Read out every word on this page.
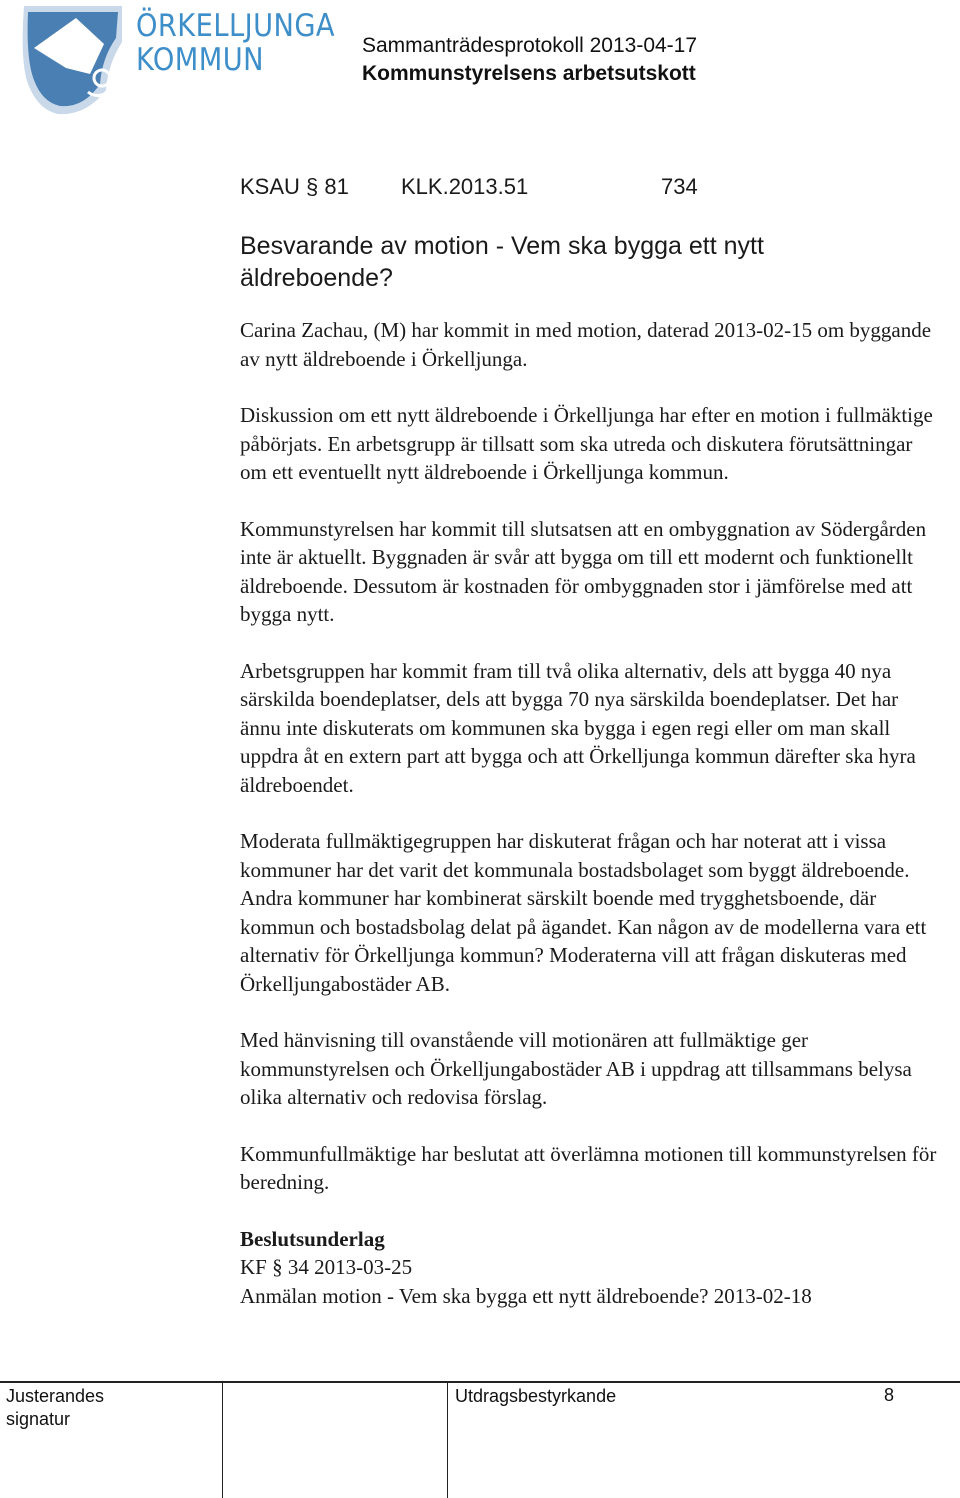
ÖRKELLJUNGA
KOMMUN	Sammanträdesprotokoll 2013-04-17
Kommunstyrelsens arbetsutskott
KSAU § 81 KLK.2013.51	734
Besvarande av motion - Vem ska bygga ett nytt äldreboende?

Carina Zachau, (M) har kommit in med motion, daterad 2013-02-15 om byggande av nytt äldreboende i Örkelljunga.

Diskussion om ett nytt äldreboende i Örkelljunga har efter en motion i fullmäktige påbörjats. En arbetsgrupp är tillsatt som ska utreda och diskutera förutsättningar om ett eventuellt nytt äldreboende i Örkelljunga kommun.

Kommunstyrelsen har kommit till slutsatsen att en ombyggnation av Södergården inte är aktuellt. Byggnaden är svår att bygga om till ett modernt och funktionellt äldreboende. Dessutom är kostnaden för ombyggnaden stor i jämförelse med att bygga nytt.

Arbetsgruppen har kommit fram till två olika alternativ, dels att bygga 40 nya särskilda boendeplatser, dels att bygga 70 nya särskilda boendeplatser. Det har ännu inte diskuterats om kommunen ska bygga i egen regi eller om man skall uppdra åt en extern part att bygga och att Örkelljunga kommun därefter ska hyra äldreboendet.

Moderata fullmäktigegruppen har diskuterat frågan och har noterat att i vissa kommuner har det varit det kommunala bostadsbolaget som byggt äldreboende. Andra kommuner har kombinerat särskilt boende med trygghetsboende, där kommun och bostadsbolag delat på ägandet. Kan någon av de modellerna vara ett alternativ för Örkelljunga kommun? Moderaterna vill att frågan diskuteras med Örkelljungabostäder AB.

Med hänvisning till ovanstående vill motionären att fullmäktige ger kommunstyrelsen och Örkelljungabostäder AB i uppdrag att tillsammans belysa olika alternativ och redovisa förslag.

Kommunfullmäktige har beslutat att överlämna motionen till kommunstyrelsen för beredning.

Beslutsunderlag
KF § 34 2013-03-25
Anmälan motion - Vem ska bygga ett nytt äldreboende? 2013-02-18
Justerandes
signatur
Utdragsbestyrkande	8
